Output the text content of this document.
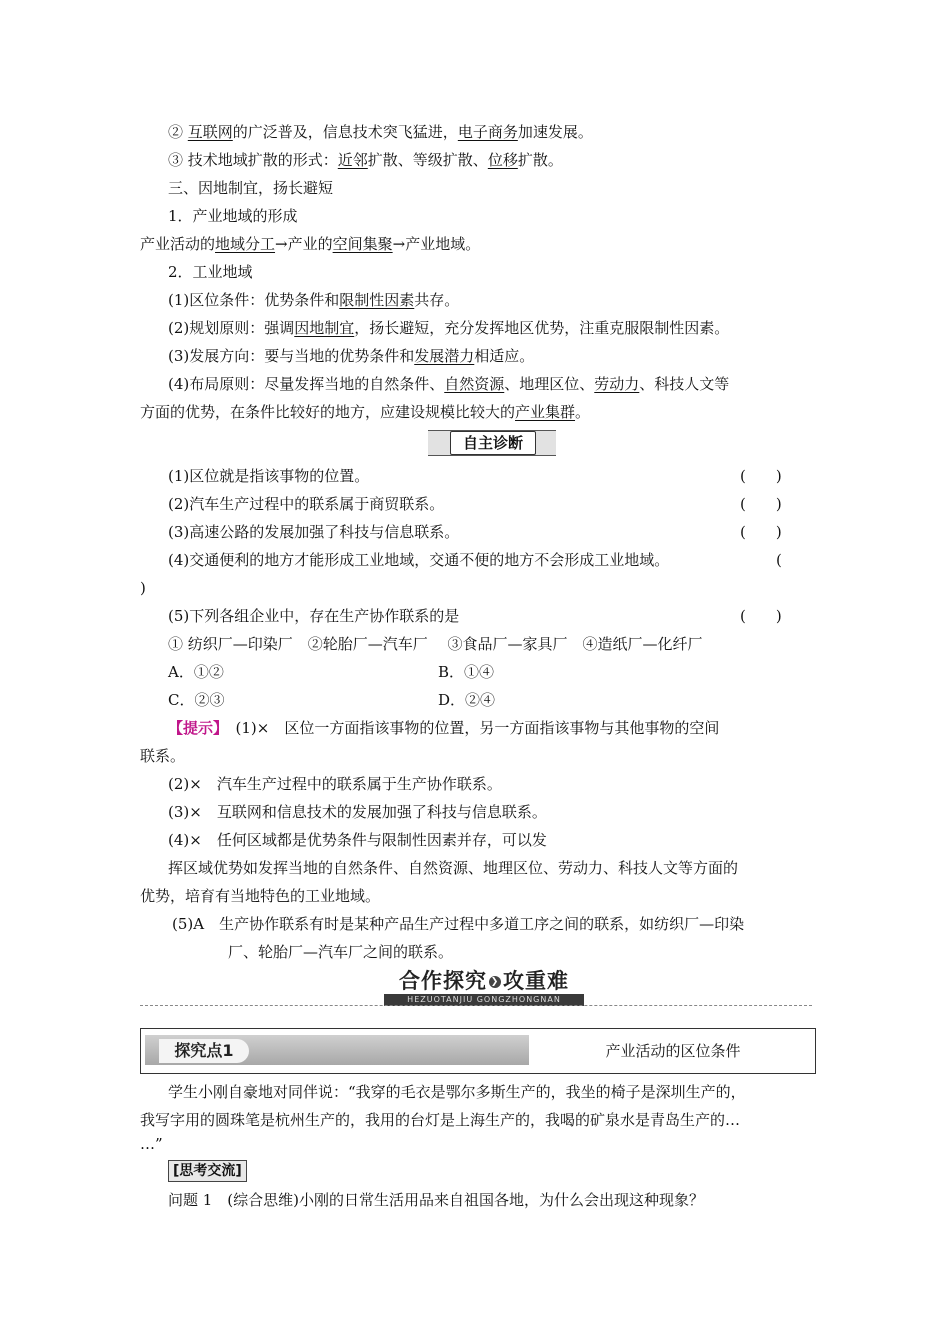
② 互联网的广泛普及，信息技术突飞猛进，电子商务加速发展。
③ 技术地域扩散的形式：近邻扩散、等级扩散、位移扩散。
三、因地制宜，扬长避短
1．产业地域的形成
产业活动的地域分工→产业的空间集聚→产业地域。
2．工业地域
(1)区位条件：优势条件和限制性因素共存。
(2)规划原则：强调因地制宜，扬长避短，充分发挥地区优势，注重克服限制性因素。
(3)发展方向：要与当地的优势条件和发展潜力相适应。
(4)布局原则：尽量发挥当地的自然条件、自然资源、地理区位、劳动力、科技人文等
方面的优势，在条件比较好的地方，应建设规模比较大的产业集群。
自主诊断
(1)区位就是指该事物的位置。	(　　)
(2)汽车生产过程中的联系属于商贸联系。	(　　)
(3)高速公路的发展加强了科技与信息联系。	(　　)
(4)交通便利的地方才能形成工业地域，交通不便的地方不会形成工业地域。	(
)
(5)下列各组企业中，存在生产协作联系的是	(　　)
① 纺织厂—印染厂　②轮胎厂—汽车厂　 ③食品厂—家具厂　④造纸厂—化纤厂
A．①②	B．①④
C．②③	D．②④
【提示】　(1)×　区位一方面指该事物的位置，另一方面指该事物与其他事物的空间
联系。
(2)×　汽车生产过程中的联系属于生产协作联系。
(3)×　互联网和信息技术的发展加强了科技与信息联系。
(4)×　任何区域都是优势条件与限制性因素并存，可以发
挥区域优势如发挥当地的自然条件、自然资源、地理区位、劳动力、科技人文等方面的
优势，培育有当地特色的工业地域。
(5)A　生产协作联系有时是某种产品生产过程中多道工序之间的联系，如纺织厂—印染
厂、轮胎厂—汽车厂之间的联系。
合作探究 ❯ 攻重难
HEZUOTANJIU GONGZHONGNAN
探究点1	产业活动的区位条件
学生小刚自豪地对同伴说：“我穿的毛衣是鄂尔多斯生产的，我坐的椅子是深圳生产的，
我写字用的圆珠笔是杭州生产的，我用的台灯是上海生产的，我喝的矿泉水是青岛生产的…
…”
[思考交流]
问题 1　(综合思维)小刚的日常生活用品来自祖国各地，为什么会出现这种现象？
